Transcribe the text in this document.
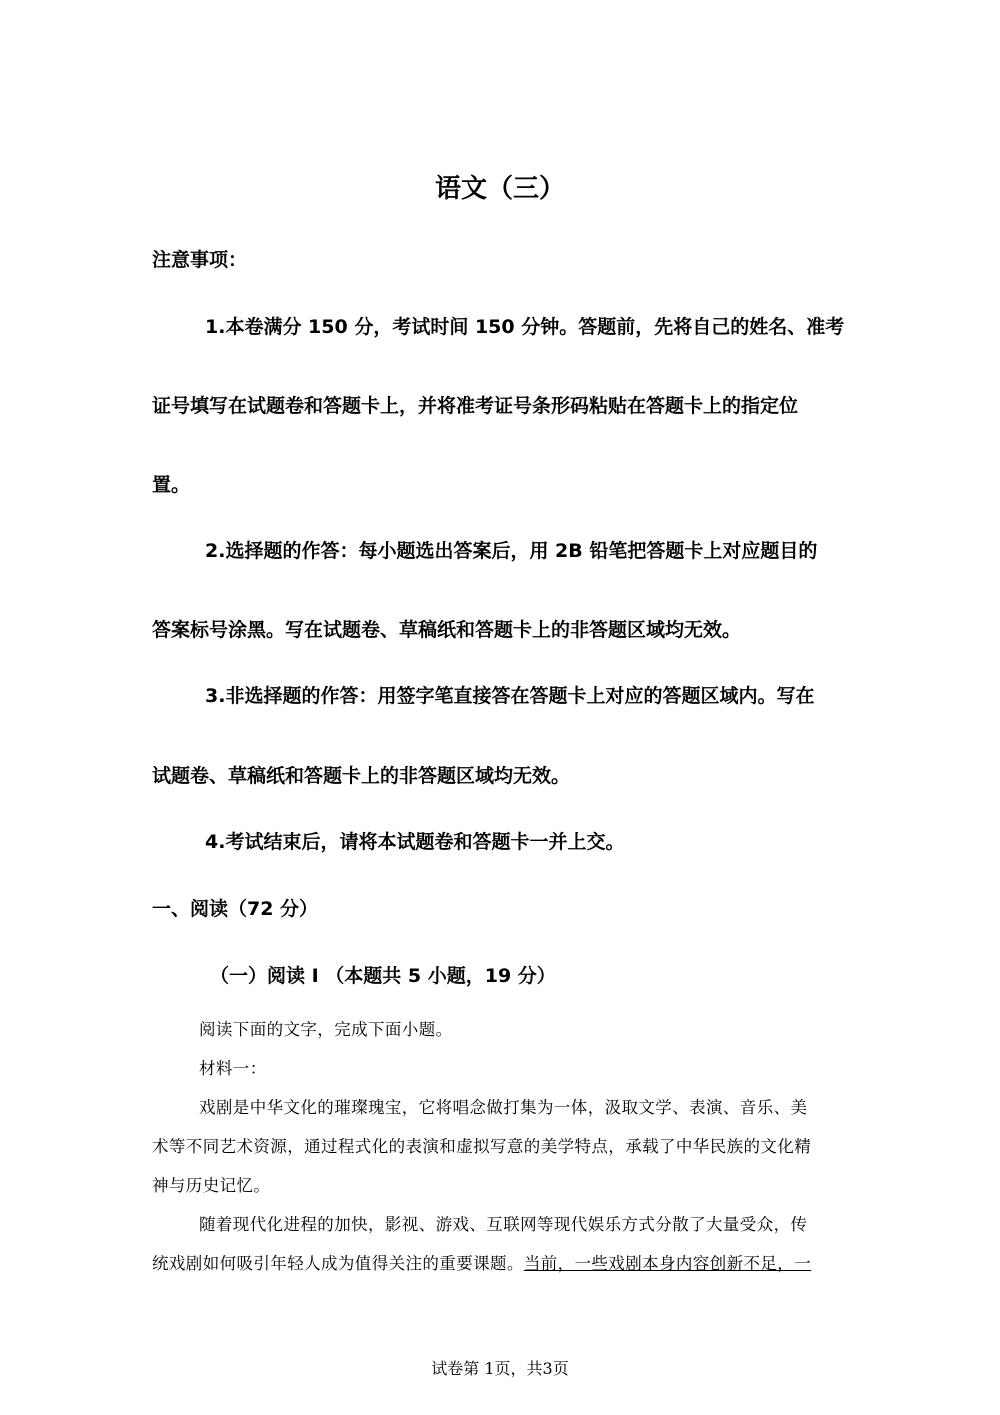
语文（三）
注意事项：
1.本卷满分 150 分，考试时间 150 分钟。答题前，先将自己的姓名、准考
证号填写在试题卷和答题卡上，并将准考证号条形码粘贴在答题卡上的指定位
置。
2.选择题的作答：每小题选出答案后，用 2B 铅笔把答题卡上对应题目的
答案标号涂黑。写在试题卷、草稿纸和答题卡上的非答题区域均无效。
3.非选择题的作答：用签字笔直接答在答题卡上对应的答题区域内。写在
试题卷、草稿纸和答题卡上的非答题区域均无效。
4.考试结束后，请将本试题卷和答题卡一并上交。
一、阅读（72 分）
（一）阅读 I （本题共 5 小题，19 分）
阅读下面的文字，完成下面小题。
材料一：
戏剧是中华文化的璀璨瑰宝，它将唱念做打集为一体，汲取文学、表演、音乐、美
术等不同艺术资源，通过程式化的表演和虚拟写意的美学特点，承载了中华民族的文化精
神与历史记忆。
随着现代化进程的加快，影视、游戏、互联网等现代娱乐方式分散了大量受众，传
统戏剧如何吸引年轻人成为值得关注的重要课题。当前，一些戏剧本身内容创新不足，一
试卷第 1页，共3页
